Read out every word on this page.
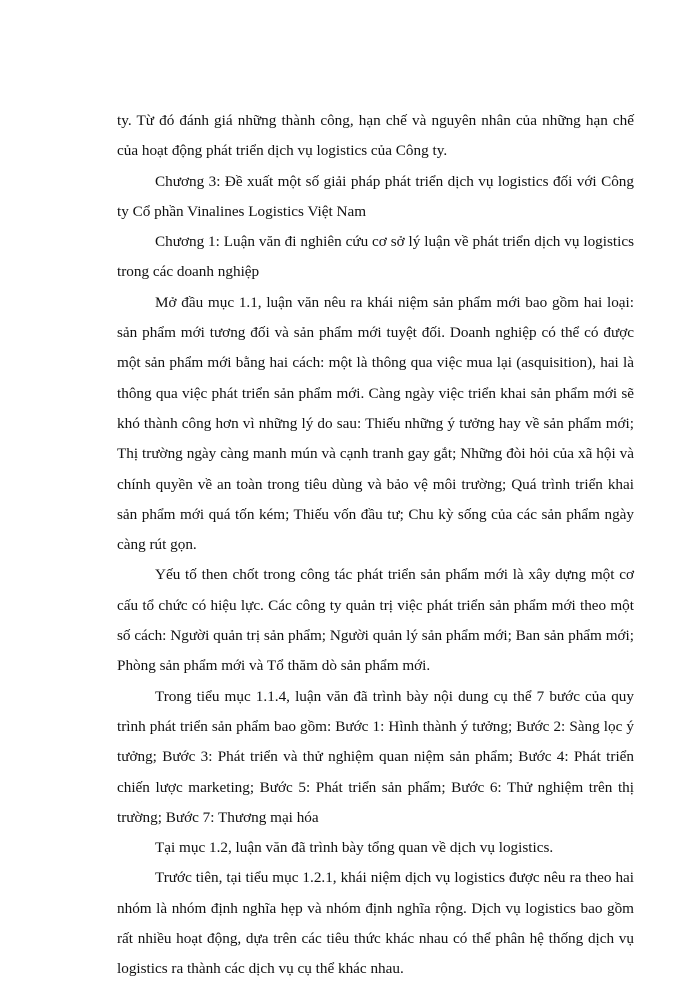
ty. Từ đó đánh giá những thành công, hạn chế và nguyên nhân của những hạn chế của hoạt động phát triển dịch vụ logistics của Công ty.

Chương 3: Đề xuất một số giải pháp phát triển dịch vụ logistics đối với Công ty Cổ phần Vinalines Logistics Việt Nam

Chương 1: Luận văn đi nghiên cứu cơ sở lý luận về phát triển dịch vụ logistics trong các doanh nghiệp

Mở đầu mục 1.1, luận văn nêu ra khái niệm sản phẩm mới bao gồm hai loại: sản phẩm mới tương đối và sản phẩm mới tuyệt đối. Doanh nghiệp có thể có được một sản phẩm mới bằng hai cách: một là thông qua việc mua lại (asquisition), hai là thông qua việc phát triển sản phẩm mới. Càng ngày việc triển khai sản phẩm mới sẽ khó thành công hơn vì những lý do sau: Thiếu những ý tưởng hay về sản phẩm mới; Thị trường ngày càng manh mún và cạnh tranh gay gắt; Những đòi hỏi của xã hội và chính quyền về an toàn trong tiêu dùng và bảo vệ môi trường; Quá trình triển khai sản phẩm mới quá tốn kém; Thiếu vốn đầu tư; Chu kỳ sống của các sản phẩm ngày càng rút gọn.

Yếu tố then chốt trong công tác phát triển sản phẩm mới là xây dựng một cơ cấu tổ chức có hiệu lực. Các công ty quản trị việc phát triển sản phẩm mới theo một số cách: Người quản trị sản phẩm; Người quản lý sản phẩm mới; Ban sản phẩm mới; Phòng sản phẩm mới và Tổ thăm dò sản phẩm mới.

Trong tiểu mục 1.1.4, luận văn đã trình bày nội dung cụ thể 7 bước của quy trình phát triển sản phẩm bao gồm: Bước 1: Hình thành ý tưởng; Bước 2: Sàng lọc ý tưởng; Bước 3: Phát triển và thử nghiệm quan niệm sản phẩm; Bước 4: Phát triển chiến lược marketing; Bước 5: Phát triển sản phẩm; Bước 6: Thử nghiệm trên thị trường; Bước 7: Thương mại hóa

Tại mục 1.2, luận văn đã trình bày tổng quan về dịch vụ logistics.

Trước tiên, tại tiểu mục 1.2.1, khái niệm dịch vụ logistics được nêu ra theo hai nhóm là nhóm định nghĩa hẹp và nhóm định nghĩa rộng. Dịch vụ logistics bao gồm rất nhiều hoạt động, dựa trên các tiêu thức khác nhau có thể phân hệ thống dịch vụ logistics ra thành các dịch vụ cụ thể khác nhau.
